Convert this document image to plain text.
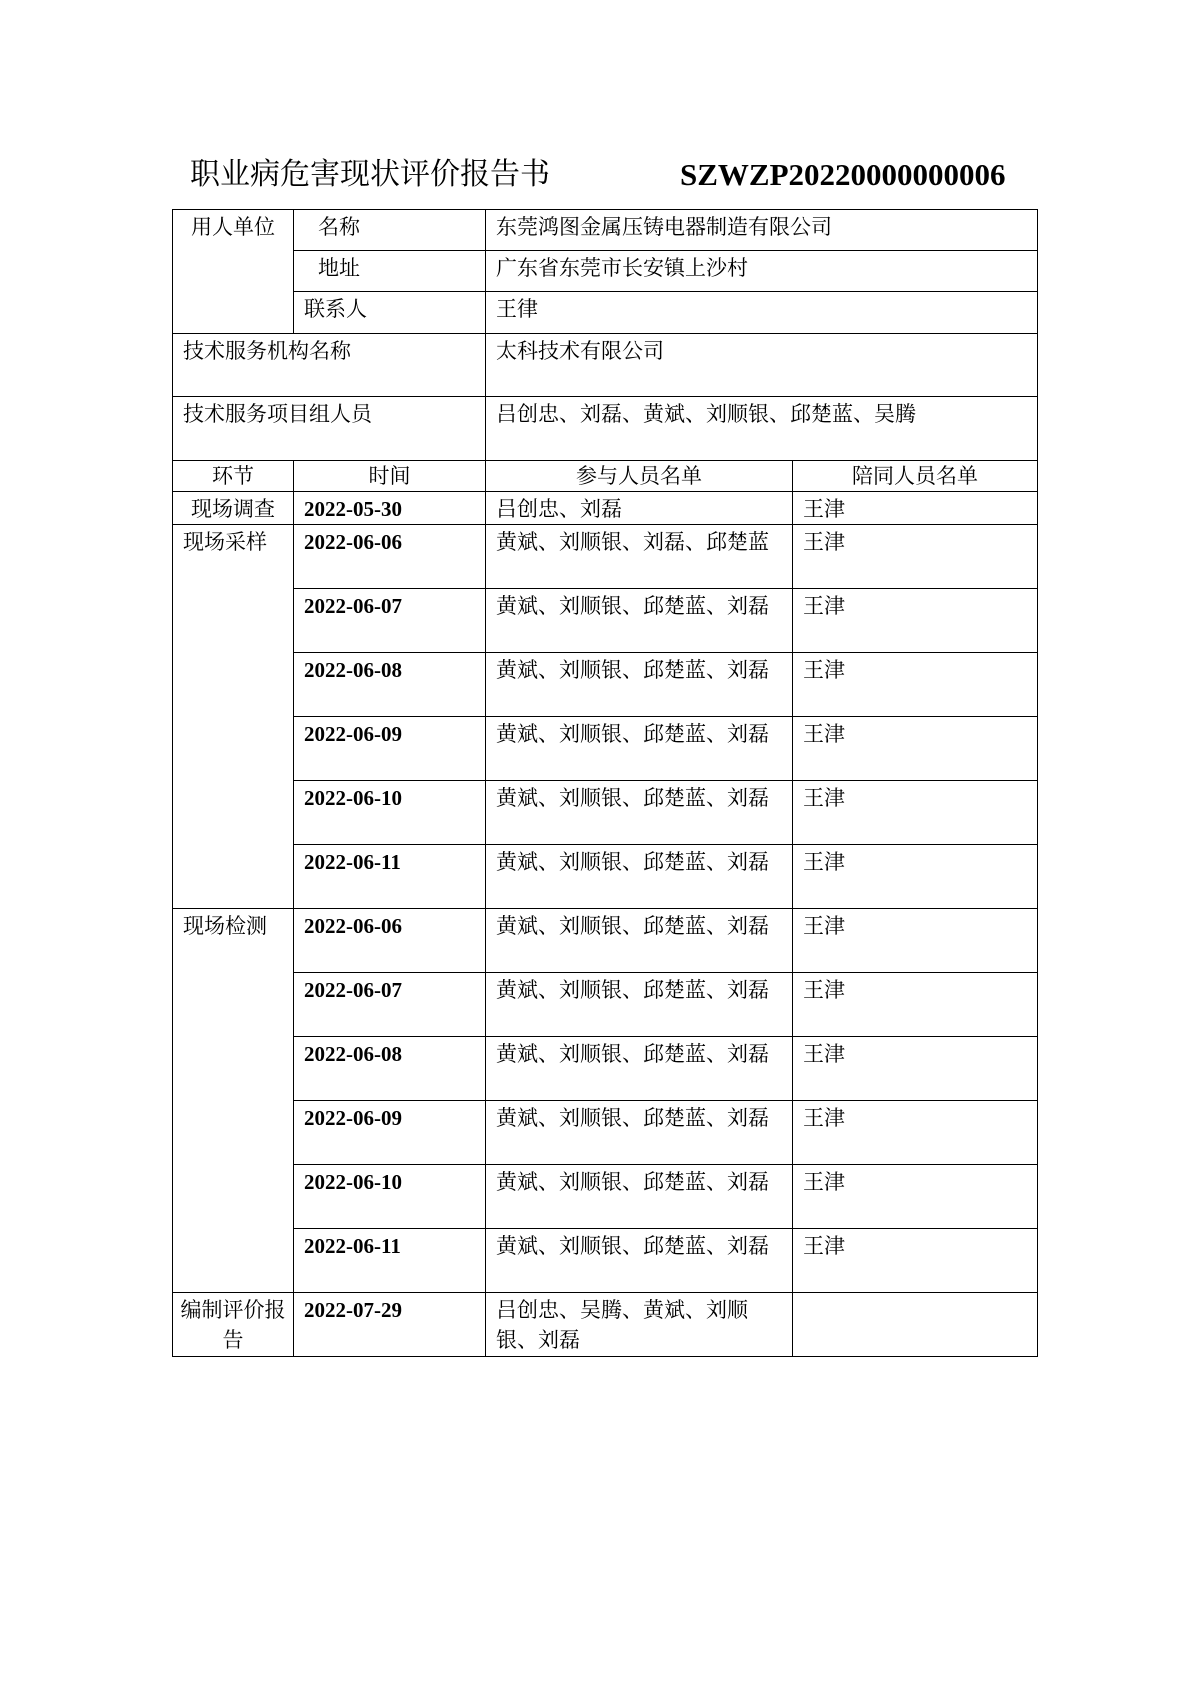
职业病危害现状评价报告书	SZWZP20220000000006
用人单位	名称	东莞鸿图金属压铸电器制造有限公司	
	地址	广东省东莞市长安镇上沙村	
	联系人	王律	
技术服务机构名称		太科技术有限公司	
技术服务项目组人员		吕创忠、刘磊、黄斌、刘顺银、邱楚蓝、吴腾	
环节	时间	参与人员名单	陪同人员名单
现场调查	2022-05-30	吕创忠、刘磊	王津
现场采样	2022-06-06	黄斌、刘顺银、刘磊、邱楚蓝	王津
	2022-06-07	黄斌、刘顺银、邱楚蓝、刘磊	王津
	2022-06-08	黄斌、刘顺银、邱楚蓝、刘磊	王津
	2022-06-09	黄斌、刘顺银、邱楚蓝、刘磊	王津
	2022-06-10	黄斌、刘顺银、邱楚蓝、刘磊	王津
	2022-06-11	黄斌、刘顺银、邱楚蓝、刘磊	王津
现场检测	2022-06-06	黄斌、刘顺银、邱楚蓝、刘磊	王津
	2022-06-07	黄斌、刘顺银、邱楚蓝、刘磊	王津
	2022-06-08	黄斌、刘顺银、邱楚蓝、刘磊	王津
	2022-06-09	黄斌、刘顺银、邱楚蓝、刘磊	王津
	2022-06-10	黄斌、刘顺银、邱楚蓝、刘磊	王津
	2022-06-11	黄斌、刘顺银、邱楚蓝、刘磊	王津
编制评价报告	2022-07-29	吕创忠、吴腾、黄斌、刘顺银、刘磊	
